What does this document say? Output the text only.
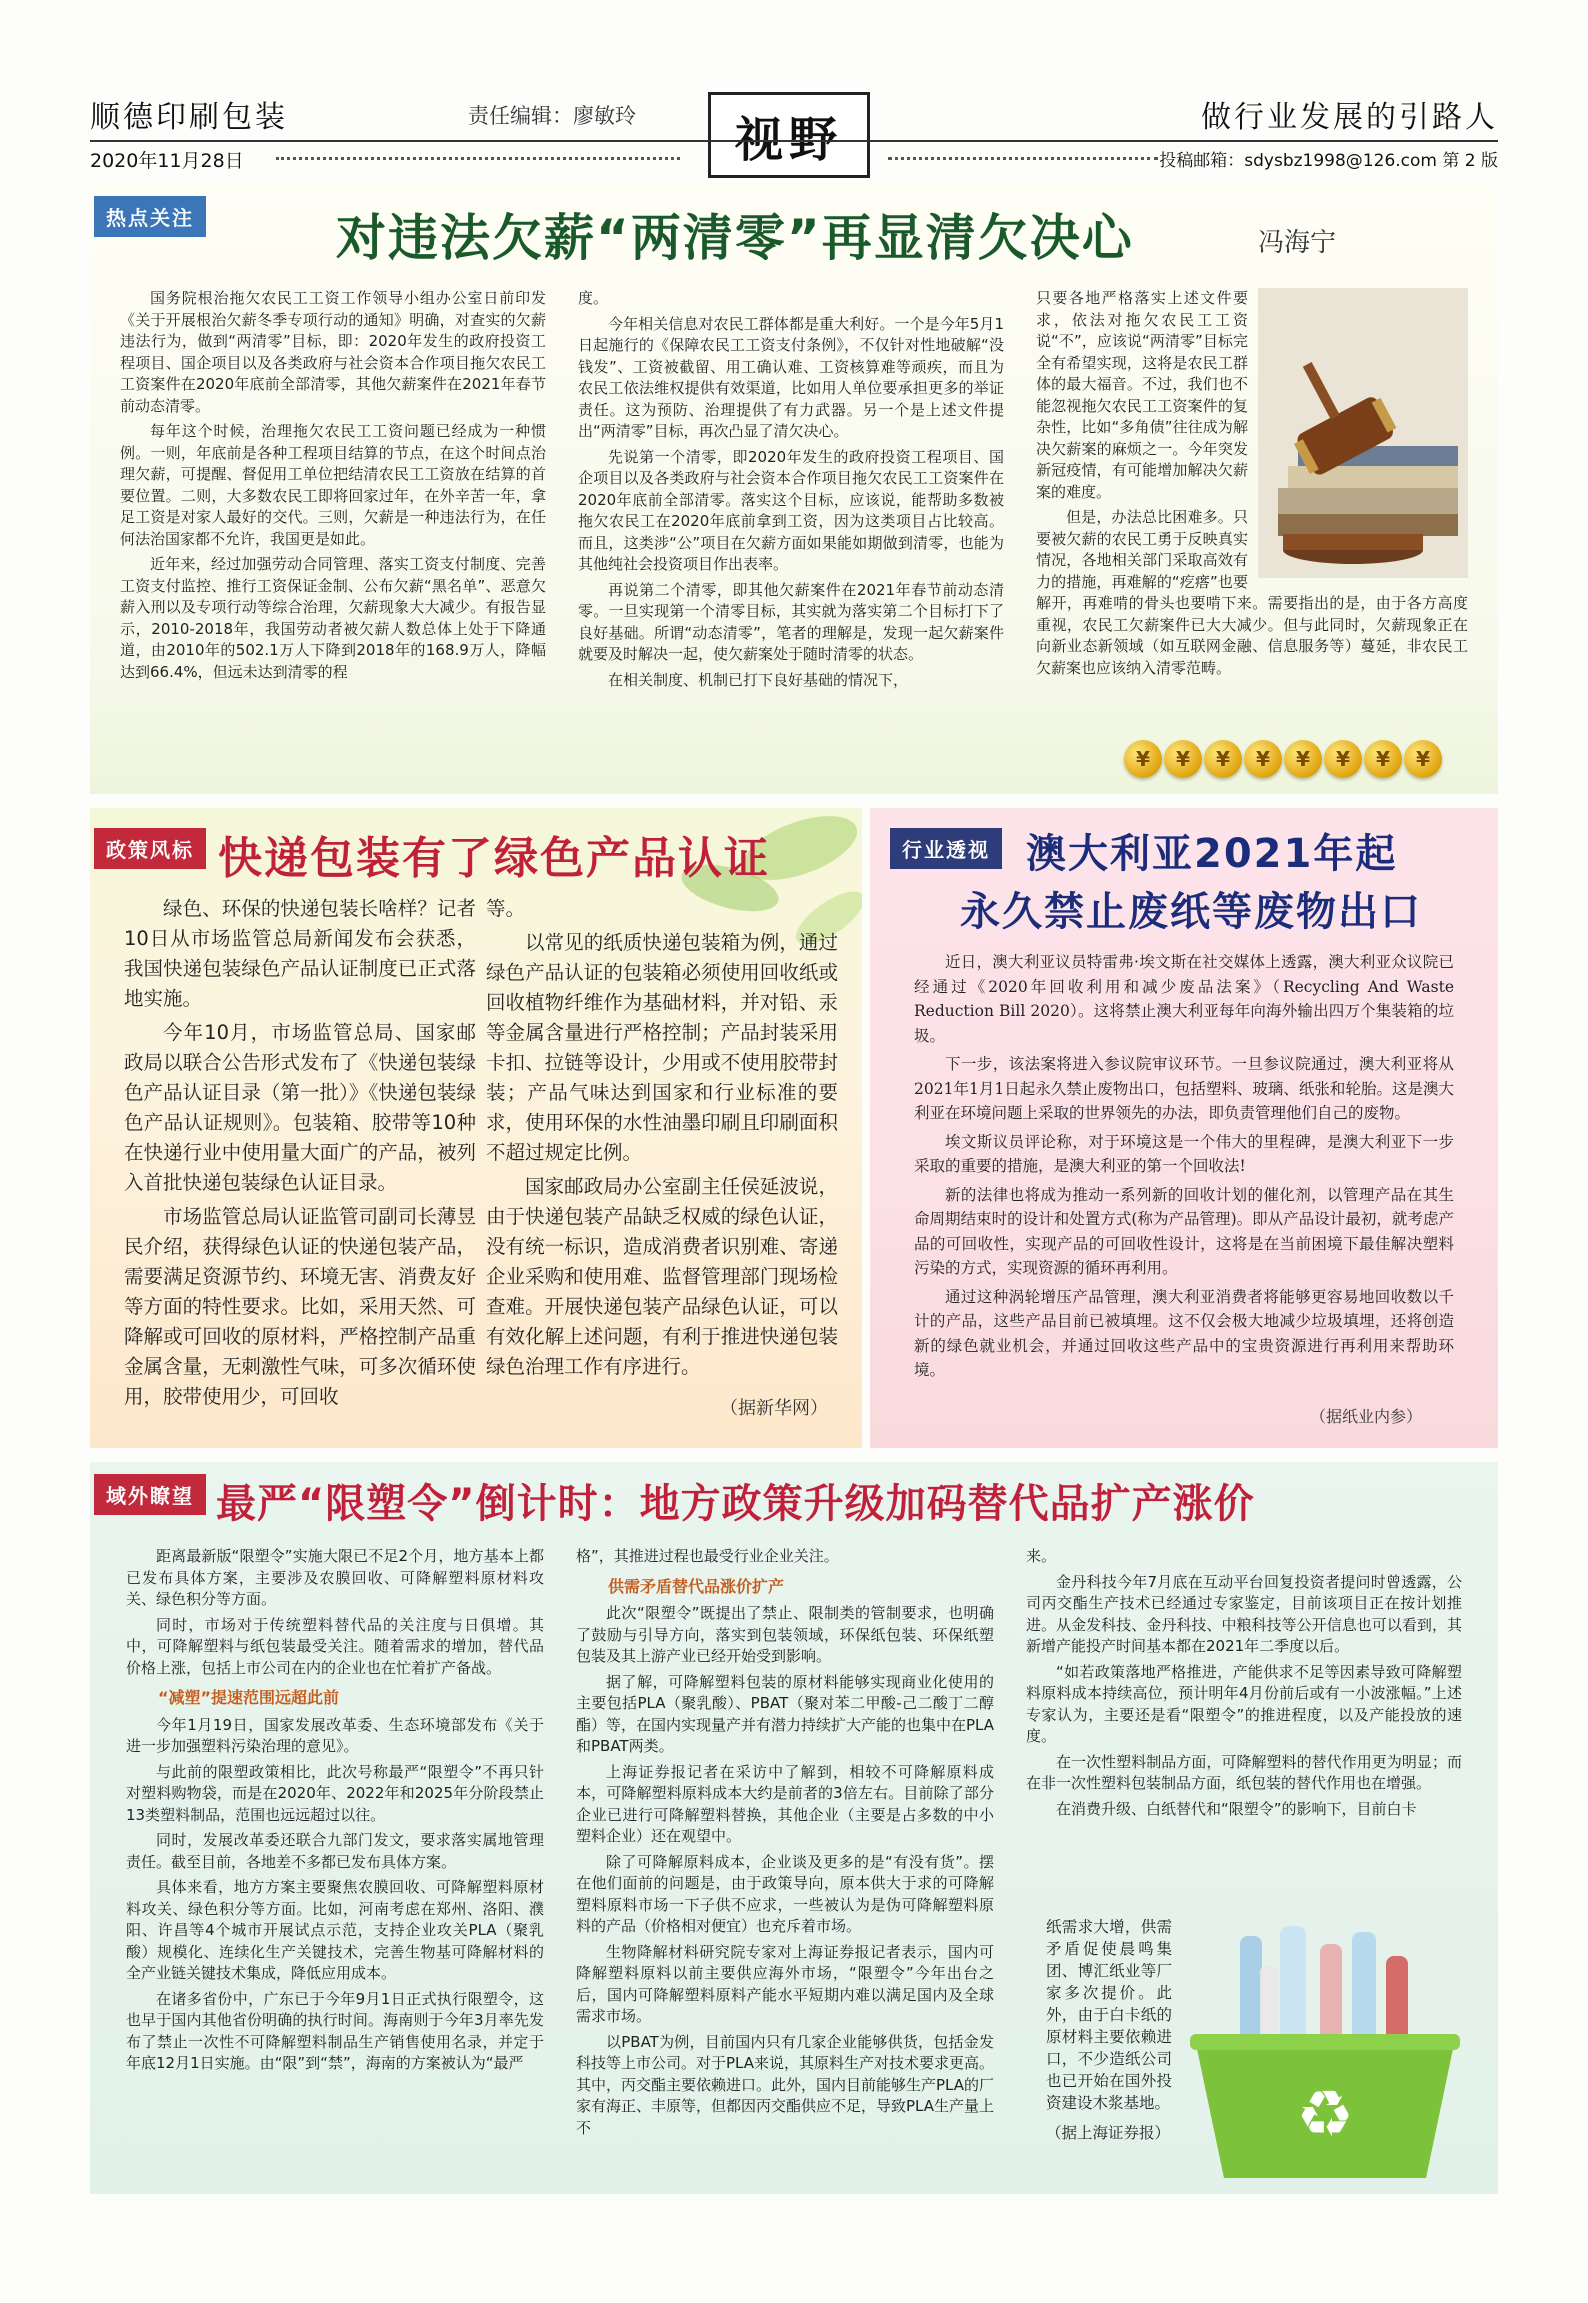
顺德印刷包装	责任编辑：廖敏玲 视野	做行业发展的引路人
2020年11月28日	投稿邮箱：sdysbz1998@126.com 第 2 版
热点关注	对违法欠薪“两清零”再显清欠决心	冯海宁

国务院根治拖欠农民工工资工作领导小组办公室日前印发《关于开展根治欠薪冬季专项行动的通知》明确，对查实的欠薪违法行为，做到“两清零”目标，即：2020年发生的政府投资工程项目、国企项目以及各类政府与社会资本合作项目拖欠农民工工资案件在2020年底前全部清零，其他欠薪案件在2021年春节前动态清零。

每年这个时候，治理拖欠农民工工资问题已经成为一种惯例。一则，年底前是各种工程项目结算的节点，在这个时间点治理欠薪，可提醒、督促用工单位把结清农民工工资放在结算的首要位置。二则，大多数农民工即将回家过年，在外辛苦一年，拿足工资是对家人最好的交代。三则，欠薪是一种违法行为，在任何法治国家都不允许，我国更是如此。

近年来，经过加强劳动合同管理、落实工资支付制度、完善工资支付监控、推行工资保证金制、公布欠薪“黑名单”、恶意欠薪入刑以及专项行动等综合治理，欠薪现象大大减少。有报告显示，2010-2018年，我国劳动者被欠薪人数总体上处于下降通道，由2010年的502.1万人下降到2018年的168.9万人，降幅达到66.4%，但远未达到清零的程

度。

今年相关信息对农民工群体都是重大利好。一个是今年5月1日起施行的《保障农民工工资支付条例》，不仅针对性地破解“没钱发”、工资被截留、用工确认难、工资核算难等顽疾，而且为农民工依法维权提供有效渠道，比如用人单位要承担更多的举证责任。这为预防、治理提供了有力武器。另一个是上述文件提出“两清零”目标，再次凸显了清欠决心。

先说第一个清零，即2020年发生的政府投资工程项目、国企项目以及各类政府与社会资本合作项目拖欠农民工工资案件在2020年底前全部清零。落实这个目标，应该说，能帮助多数被拖欠农民工在2020年底前拿到工资，因为这类项目占比较高。而且，这类涉“公”项目在欠薪方面如果能如期做到清零，也能为其他纯社会投资项目作出表率。

再说第二个清零，即其他欠薪案件在2021年春节前动态清零。一旦实现第一个清零目标，其实就为落实第二个目标打下了良好基础。所谓“动态清零”，笔者的理解是，发现一起欠薪案件就要及时解决一起，使欠薪案处于随时清零的状态。

在相关制度、机制已打下良好基础的情况下，

只要各地严格落实上述文件要求，依法对拖欠农民工工资说“不”，应该说“两清零”目标完全有希望实现，这将是农民工群体的最大福音。不过，我们也不能忽视拖欠农民工工资案件的复杂性，比如“多角债”往往成为解决欠薪案的麻烦之一。今年突发新冠疫情，有可能增加解决欠薪案的难度。

但是，办法总比困难多。只要被欠薪的农民工勇于反映真实情况，各地相关部门采取高效有力的措施，再难解的“疙瘩”也要解开，再难啃的骨头也要啃下来。需要指出的是，由于各方高度重视，农民工欠薪案件已大大减少。但与此同时，欠薪现象正在向新业态新领域（如互联网金融、信息服务等）蔓延，非农民工欠薪案也应该纳入清零范畴。

¥	¥	¥	¥	¥	¥	¥	¥
政策风标 快递包装有了绿色产品认证

绿色、环保的快递包装长啥样？记者10日从市场监管总局新闻发布会获悉，我国快递包装绿色产品认证制度已正式落地实施。

今年10月，市场监管总局、国家邮政局以联合公告形式发布了《快递包装绿色产品认证目录（第一批）》《快递包装绿色产品认证规则》。包装箱、胶带等10种在快递行业中使用量大面广的产品，被列入首批快递包装绿色认证目录。

市场监管总局认证监管司副司长薄昱民介绍，获得绿色认证的快递包装产品，需要满足资源节约、环境无害、消费友好等方面的特性要求。比如，采用天然、可降解或可回收的原材料，严格控制产品重金属含量，无刺激性气味，可多次循环使用，胶带使用少，可回收

等。

以常见的纸质快递包装箱为例，通过绿色产品认证的包装箱必须使用回收纸或回收植物纤维作为基础材料，并对铅、汞等金属含量进行严格控制；产品封装采用卡扣、拉链等设计，少用或不使用胶带封装；产品气味达到国家和行业标准的要求，使用环保的水性油墨印刷且印刷面积不超过规定比例。

国家邮政局办公室副主任侯延波说，由于快递包装产品缺乏权威的绿色认证，没有统一标识，造成消费者识别难、寄递企业采购和使用难、监督管理部门现场检查难。开展快递包装产品绿色认证，可以有效化解上述问题，有利于推进快递包装绿色治理工作有序进行。

（据新华网）
行业透视 澳大利亚2021年起
永久禁止废纸等废物出口

近日，澳大利亚议员特雷弗·埃文斯在社交媒体上透露，澳大利亚众议院已经通过《2020年回收利用和减少废品法案》（Recycling And Waste Reduction Bill 2020）。这将禁止澳大利亚每年向海外输出四万个集装箱的垃圾。

下一步，该法案将进入参议院审议环节。一旦参议院通过，澳大利亚将从2021年1月1日起永久禁止废物出口，包括塑料、玻璃、纸张和轮胎。这是澳大利亚在环境问题上采取的世界领先的办法，即负责管理他们自己的废物。

埃文斯议员评论称，对于环境这是一个伟大的里程碑，是澳大利亚下一步采取的重要的措施，是澳大利亚的第一个回收法!

新的法律也将成为推动一系列新的回收计划的催化剂，以管理产品在其生命周期结束时的设计和处置方式(称为产品管理)。即从产品设计最初，就考虑产品的可回收性，实现产品的可回收性设计，这将是在当前困境下最佳解决塑料污染的方式，实现资源的循环再利用。

通过这种涡轮增压产品管理，澳大利亚消费者将能够更容易地回收数以千计的产品，这些产品目前已被填埋。这不仅会极大地减少垃圾填埋，还将创造新的绿色就业机会，并通过回收这些产品中的宝贵资源进行再利用来帮助环境。

（据纸业内参）
域外瞭望 最严“限塑令”倒计时：地方政策升级加码替代品扩产涨价

距离最新版“限塑令”实施大限已不足2个月，地方基本上都已发布具体方案，主要涉及农膜回收、可降解塑料原材料攻关、绿色积分等方面。

同时，市场对于传统塑料替代品的关注度与日俱增。其中，可降解塑料与纸包装最受关注。随着需求的增加，替代品价格上涨，包括上市公司在内的企业也在忙着扩产备战。

“减塑”提速范围远超此前

今年1月19日，国家发展改革委、生态环境部发布《关于进一步加强塑料污染治理的意见》。

与此前的限塑政策相比，此次号称最严“限塑令”不再只针对塑料购物袋，而是在2020年、2022年和2025年分阶段禁止13类塑料制品，范围也远远超过以往。

同时，发展改革委还联合九部门发文，要求落实属地管理责任。截至目前，各地差不多都已发布具体方案。

具体来看，地方方案主要聚焦农膜回收、可降解塑料原材料攻关、绿色积分等方面。比如，河南考虑在郑州、洛阳、濮阳、许昌等4个城市开展试点示范，支持企业攻关PLA（聚乳酸）规模化、连续化生产关键技术，完善生物基可降解材料的全产业链关键技术集成，降低应用成本。

在诸多省份中，广东已于今年9月1日正式执行限塑令，这也早于国内其他省份明确的执行时间。海南则于今年3月率先发布了禁止一次性不可降解塑料制品生产销售使用名录，并定于年底12月1日实施。由“限”到“禁”，海南的方案被认为“最严

格”，其推进过程也最受行业企业关注。

供需矛盾替代品涨价扩产

此次“限塑令”既提出了禁止、限制类的管制要求，也明确了鼓励与引导方向，落实到包装领域，环保纸包装、环保纸塑包装及其上游产业已经开始受到影响。

据了解，可降解塑料包装的原材料能够实现商业化使用的主要包括PLA（聚乳酸）、PBAT（聚对苯二甲酸-己二酸丁二醇酯）等，在国内实现量产并有潜力持续扩大产能的也集中在PLA和PBAT两类。

上海证券报记者在采访中了解到，相较不可降解原料成本，可降解塑料原料成本大约是前者的3倍左右。目前除了部分企业已进行可降解塑料替换，其他企业（主要是占多数的中小塑料企业）还在观望中。

除了可降解原料成本，企业谈及更多的是“有没有货”。摆在他们面前的问题是，由于政策导向，原本供大于求的可降解塑料原料市场一下子供不应求，一些被认为是伪可降解塑料原料的产品（价格相对便宜）也充斥着市场。

生物降解材料研究院专家对上海证券报记者表示，国内可降解塑料原料以前主要供应海外市场，“限塑令”今年出台之后，国内可降解塑料原料产能水平短期内难以满足国内及全球需求市场。

以PBAT为例，目前国内只有几家企业能够供货，包括金发科技等上市公司。对于PLA来说，其原料生产对技术要求更高。其中，丙交酯主要依赖进口。此外，国内目前能够生产PLA的厂家有海正、丰原等，但都因丙交酯供应不足，导致PLA生产量上不

来。

金丹科技今年7月底在互动平台回复投资者提问时曾透露，公司丙交酯生产技术已经通过专家鉴定，目前该项目正在按计划推进。从金发科技、金丹科技、中粮科技等公开信息也可以看到，其新增产能投产时间基本都在2021年二季度以后。

“如若政策落地严格推进，产能供求不足等因素导致可降解塑料原料成本持续高位，预计明年4月份前后或有一小波涨幅。”上述专家认为，主要还是看“限塑令”的推进程度，以及产能投放的速度。

在一次性塑料制品方面，可降解塑料的替代作用更为明显；而在非一次性塑料包装制品方面，纸包装的替代作用也在增强。

在消费升级、白纸替代和“限塑令”的影响下，目前白卡

纸需求大增，供需矛盾促使晨鸣集团、博汇纸业等厂家多次提价。此外，由于白卡纸的原材料主要依赖进口，不少造纸公司也已开始在国外投资建设木浆基地。
（据上海证券报） ♻
